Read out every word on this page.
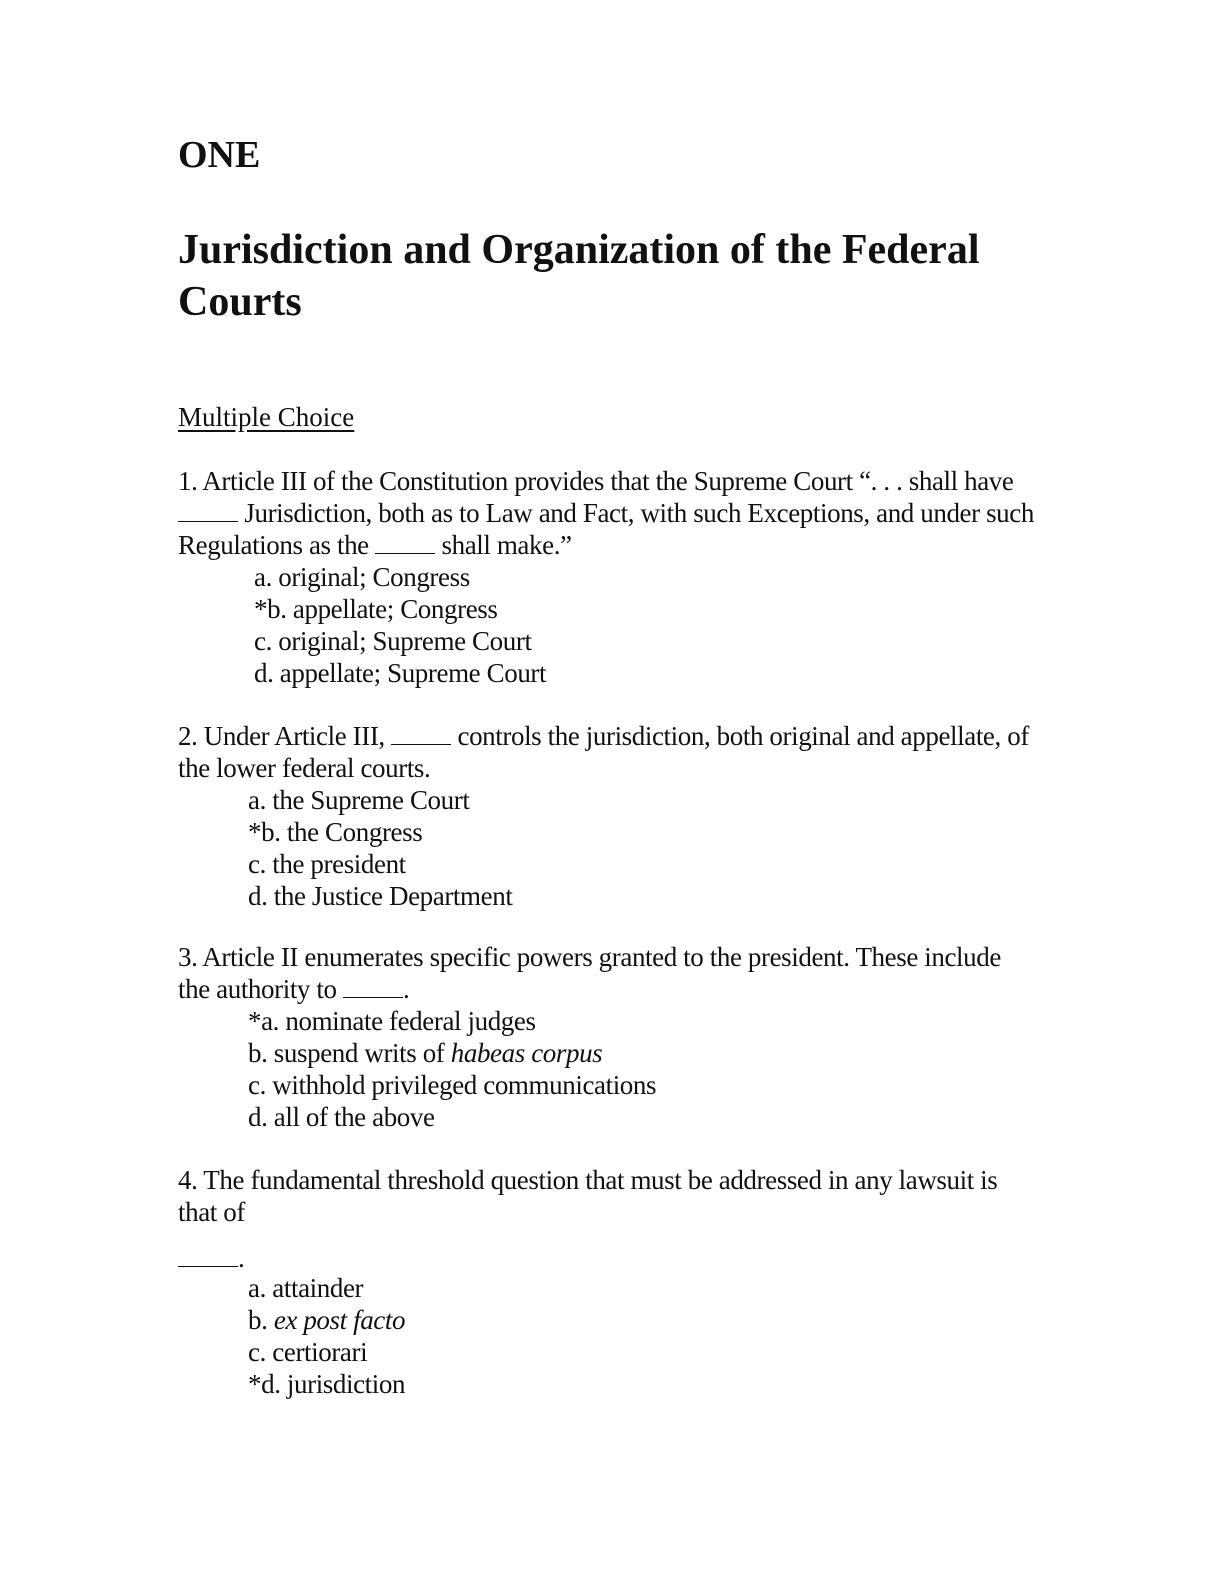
ONE
Jurisdiction and Organization of the Federal Courts
Multiple Choice

1. Article III of the Constitution provides that the Supreme Court “. . . shall have  Jurisdiction, both as to Law and Fact, with such Exceptions, and under such Regulations as the	shall make.”

a. original; Congress
*b. appellate; Congress
c. original; Supreme Court
d. appellate; Supreme Court

2. Under Article III,	controls the jurisdiction, both original and appellate, of the lower federal courts.

a. the Supreme Court
*b. the Congress
c. the president
d. the Justice Department

3. Article II enumerates specific powers granted to the president. These include the authority to .

*a. nominate federal judges
b. suspend writs of habeas corpus
c. withhold privileged communications
d. all of the above

4. The fundamental threshold question that must be addressed in any lawsuit is that of

.

a. attainder
b. ex post facto
c. certiorari
*d. jurisdiction
